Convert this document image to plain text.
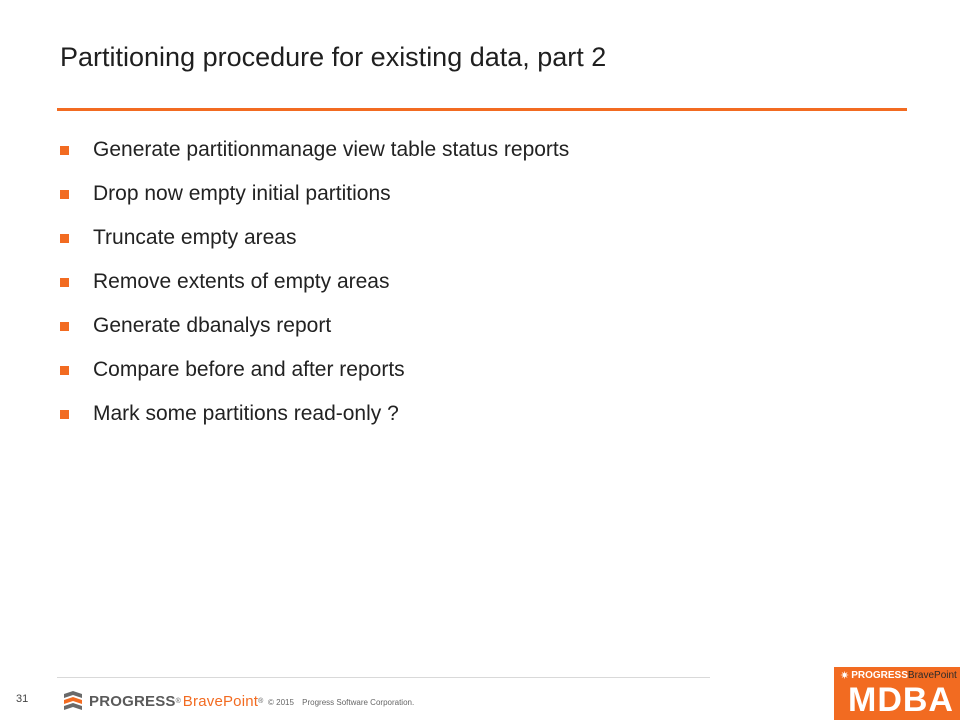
Partitioning procedure for existing data, part 2
Generate partitionmanage view table status reports
Drop now empty initial partitions
Truncate empty areas
Remove extents of empty areas
Generate dbanalys report
Compare before and after reports
Mark some partitions read-only ?
31	PROGRESS ® BravePoint ® © 2015 Progress Software Corporation.
✷ PROGRESS BravePoint
MDBA
